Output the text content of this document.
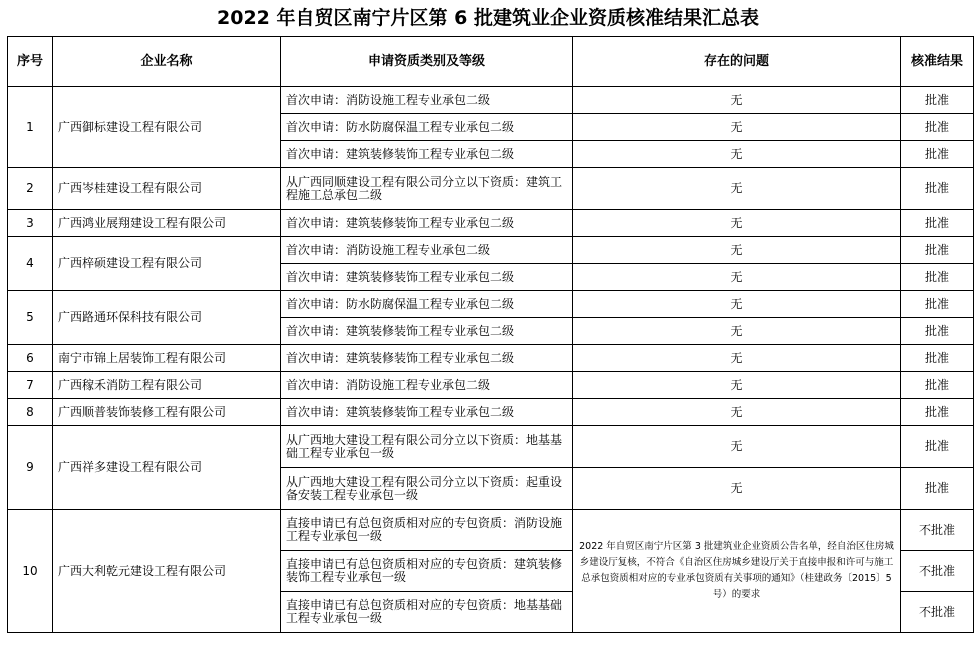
2022 年自贸区南宁片区第 6 批建筑业企业资质核准结果汇总表
序号	企业名称	申请资质类别及等级	存在的问题	核准结果
1	广西御标建设工程有限公司	首次申请：消防设施工程专业承包二级	无	批准
		首次申请：防水防腐保温工程专业承包二级	无	批准
		首次申请：建筑装修装饰工程专业承包二级	无	批准
2	广西岑桂建设工程有限公司	从广西同顺建设工程有限公司分立以下资质：建筑工程施工总承包二级	无	批准
3	广西鸿业展翔建设工程有限公司	首次申请：建筑装修装饰工程专业承包二级	无	批准
4	广西梓硕建设工程有限公司	首次申请：消防设施工程专业承包二级	无	批准
		首次申请：建筑装修装饰工程专业承包二级	无	批准
5	广西路通环保科技有限公司	首次申请：防水防腐保温工程专业承包二级	无	批准
		首次申请：建筑装修装饰工程专业承包二级	无	批准
6	南宁市锦上居装饰工程有限公司	首次申请：建筑装修装饰工程专业承包二级	无	批准
7	广西稼禾消防工程有限公司	首次申请：消防设施工程专业承包二级	无	批准
8	广西顺普装饰装修工程有限公司	首次申请：建筑装修装饰工程专业承包二级	无	批准
9	广西祥多建设工程有限公司	从广西地大建设工程有限公司分立以下资质：地基基础工程专业承包一级	无	批准
		从广西地大建设工程有限公司分立以下资质：起重设备安装工程专业承包一级	无	批准
10	广西大利乾元建设工程有限公司	直接申请已有总包资质相对应的专包资质：消防设施工程专业承包一级	2022 年自贸区南宁片区第 3 批建筑业企业资质公告名单，经自治区住房城乡建设厅复核，不符合《自治区住房城乡建设厅关于直接申报和许可与施工总承包资质相对应的专业承包资质有关事项的通知》（桂建政务〔2015〕5 号）的要求	不批准
		直接申请已有总包资质相对应的专包资质：建筑装修装饰工程专业承包一级		不批准
		直接申请已有总包资质相对应的专包资质：地基基础工程专业承包一级		不批准
